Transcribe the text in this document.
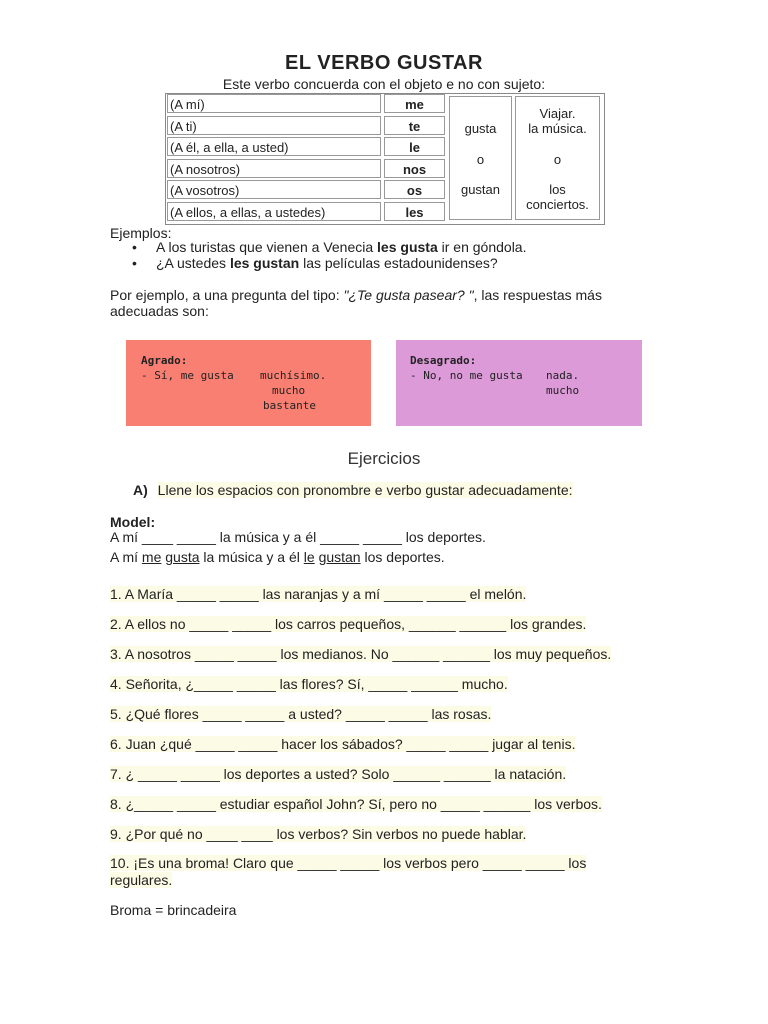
EL VERBO GUSTAR
Este verbo concuerda con el objeto e no con sujeto:
(A mí)	me
(A ti)	te
(A él, a ella, a usted)	le
(A nosotros)	nos
(A vosotros)	os
(A ellos, a ellas, a ustedes)	les
gusta
o
gustan
Viajar.
la música.
o
los
conciertos.
Ejemplos:
• A los turistas que vienen a Venecia les gusta ir en góndola.
• ¿A ustedes les gustan las películas estadounidenses?
Por ejemplo, a una pregunta del tipo: "¿Te gusta pasear? ", las respuestas más adecuadas son:
Agrado:
- Sí, me gusta muchísimo.
mucho
bastante
Desagrado:
- No, no me gusta nada.
mucho
Ejercicios
A) Llene los espacios con pronombre e verbo gustar adecuadamente:
Model:
A mí ____ _____ la música y a él _____ _____ los deportes.
A mí me gusta la música y a él le gustan los deportes.
1. A María _____ _____ las naranjas y a mí _____ _____ el melón.
2. A ellos no _____ _____ los carros pequeños, ______ ______ los grandes.
3. A nosotros _____ _____ los medianos. No ______ ______ los muy pequeños.
4. Señorita, ¿_____ _____ las flores? Sí, _____ ______ mucho.
5. ¿Qué flores _____ _____ a usted? _____ _____ las rosas.
6. Juan ¿qué _____ _____ hacer los sábados? _____ _____ jugar al tenis.
7. ¿ _____ _____ los deportes a usted? Solo ______ ______ la natación.
8. ¿_____ _____ estudiar español John? Sí, pero no _____ ______ los verbos.
9. ¿Por qué no ____ ____ los verbos? Sin verbos no puede hablar.
10. ¡Es una broma! Claro que _____ _____ los verbos pero _____ _____ los regulares.
Broma = brincadeira
